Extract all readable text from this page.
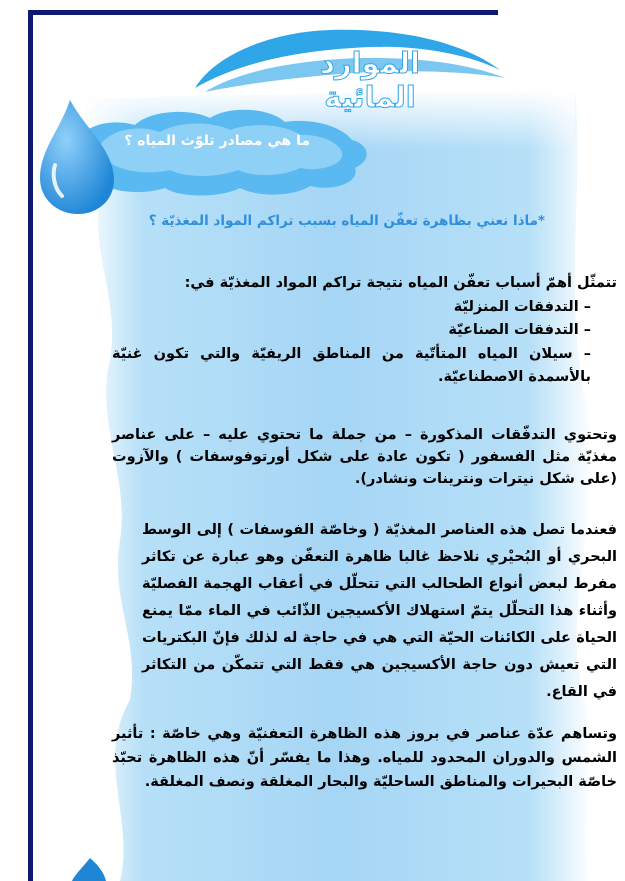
الموارد المائية
ما هي مصادر تلوّث المياه ؟
*ماذا نعني بظاهرة تعفّن المياه بسبب تراكم المواد المغذيّة ؟

تتمثّل أهمّ أسباب تعفّن المياه نتيجة تراكم المواد المغذيّة في:

– التدفقات المنزليّة

– التدفقات الصناعيّة

– سيلان المياه المتأتّية من المناطق الريفيّة والتي تكون غنيّة بالأسمدة الاصطناعيّة.

وتحتوي التدفّقات المذكورة – من جملة ما تحتوي عليه – على عناصر مغذيّة مثل الفسفور ( تكون عادة على شكل أورتوفوسفات ) والآزوت (على شكل نيترات ونترينات ونشادر).
فعندما تصل هذه العناصر المغذيّة ( وخاصّة الفوسفات ) إلى الوسط البحري أو البُحيْري نلاحظ غالبا ظاهرة التعفّن وهو عبارة عن تكاثر مفرط لبعض أنواع الطحالب التي تتحلّل في أعقاب الهجمة الفصليّة وأثناء هذا التحلّل يتمّ استهلاك الأكسيجين الذّائب في الماء ممّا يمنع الحياة على الكائنات الحيّة التي هي في حاجة له لذلك فإنّ البكتريات التي تعيش دون حاجة الأكسيجين هي فقط التي تتمكّن من التكاثر في القاع.
وتساهم عدّة عناصر في بروز هذه الظاهرة التعفنيّة وهي خاصّة : تأثير الشمس والدوران المحدود للمياه. وهذا ما يفسّر أنّ هذه الظاهرة تحبّذ خاصّة البحيرات والمناطق الساحليّة والبحار المغلقة ونصف المغلقة.
